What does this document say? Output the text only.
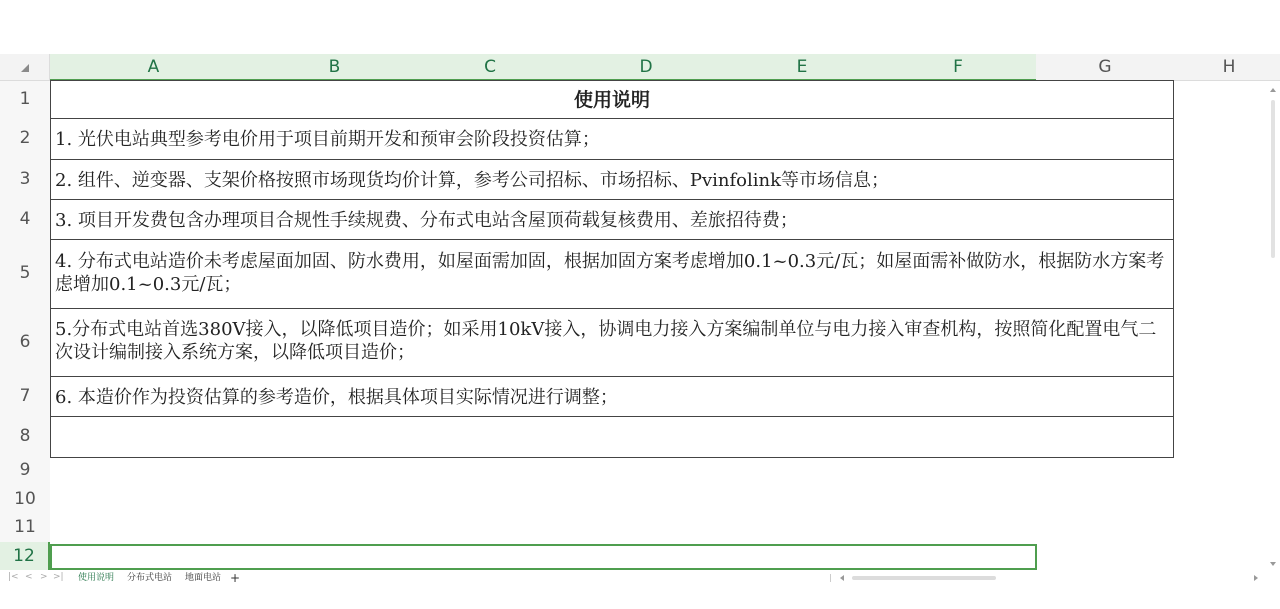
A	B	C	D	E	F	G	H
1
2
3
4
5
6
7
8
9
10
11
12
使用说明
1. 光伏电站典型参考电价用于项目前期开发和预审会阶段投资估算；
2. 组件、逆变器、支架价格按照市场现货均价计算，参考公司招标、市场招标、Pvinfolink等市场信息；
3. 项目开发费包含办理项目合规性手续规费、分布式电站含屋顶荷载复核费用、差旅招待费；
4. 分布式电站造价未考虑屋面加固、防水费用，如屋面需加固，根据加固方案考虑增加0.1~0.3元/瓦；如屋面需补做防水，根据防水方案考虑增加0.1~0.3元/瓦；
5.分布式电站首选380V接入，以降低项目造价；如采用10kV接入，协调电力接入方案编制单位与电力接入审查机构，按照简化配置电气二次设计编制接入系统方案，以降低项目造价；
6. 本造价作为投资估算的参考造价，根据具体项目实际情况进行调整；
|< < > >| 使用说明 分布式电站 地面电站 +
